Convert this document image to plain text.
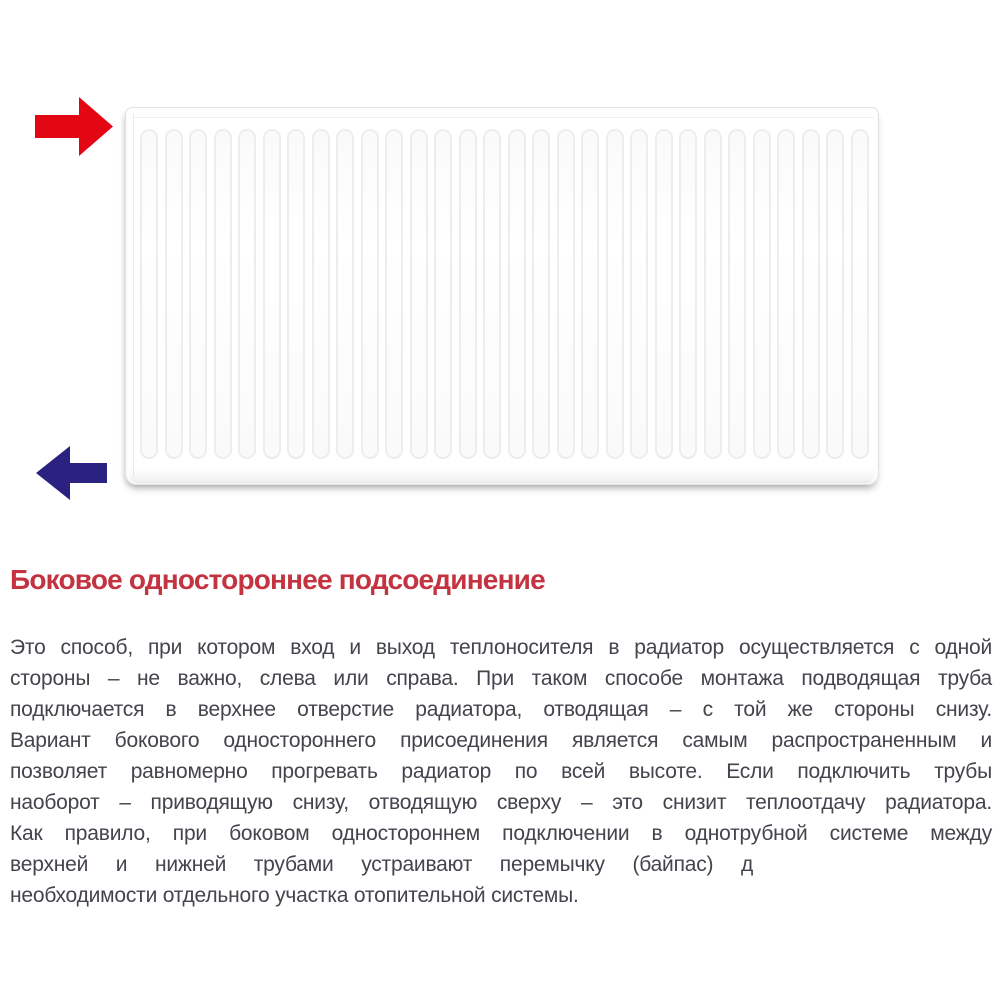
Боковое одностороннее подсоединение
Это способ, при котором вход и выход теплоносителя в радиатор осуществляется с одной
стороны – не важно, слева или справа. При таком способе монтажа подводящая труба
подключается в верхнее отверстие радиатора, отводящая – с той же стороны снизу.
Вариант бокового одностороннего присоединения является самым распространенным и
позволяет равномерно прогревать радиатор по всей высоте. Если подключить трубы
наоборот – приводящую снизу, отводящую сверху – это снизит теплоотдачу радиатора.
Как правило, при боковом одностороннем подключении в однотрубной системе между
верхней и нижней трубами устраивают перемычку (байпас) д
необходимости отдельного участка отопительной системы.
